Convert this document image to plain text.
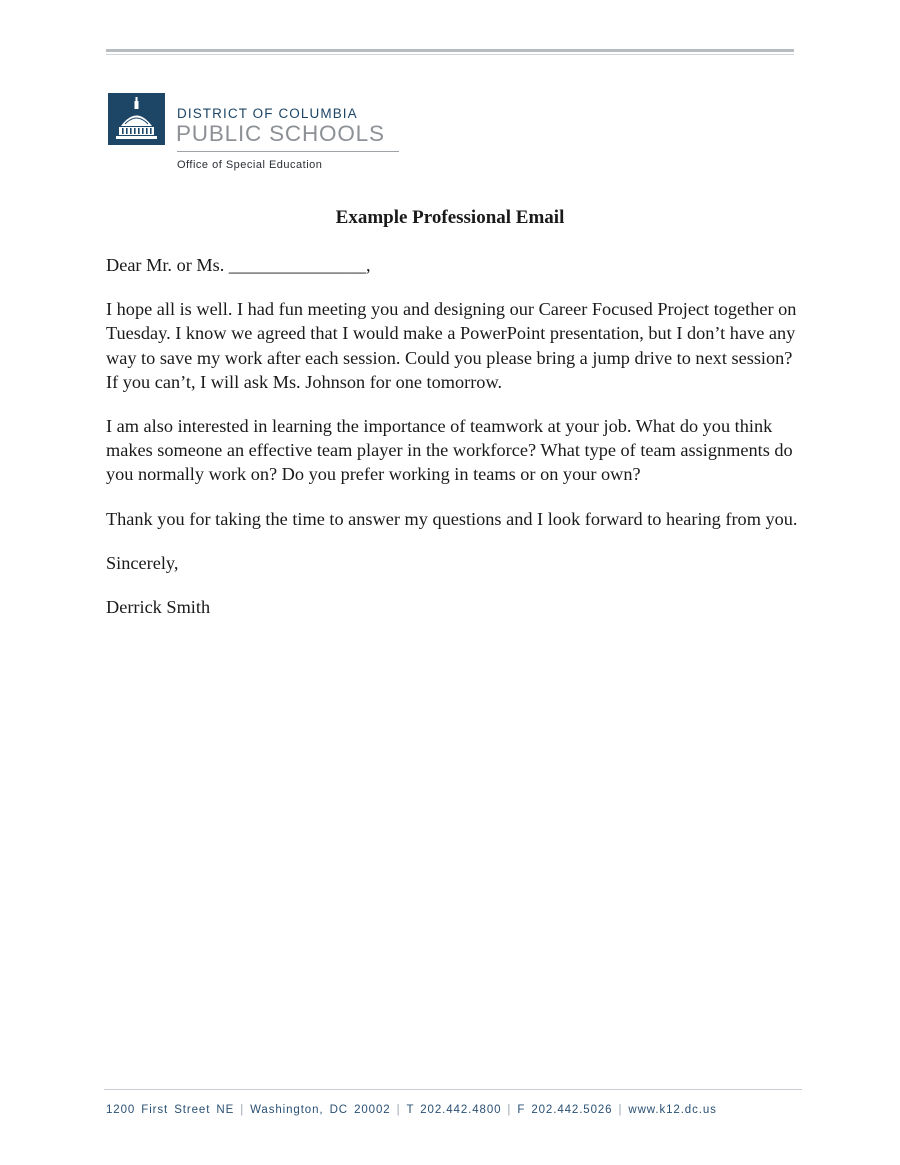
DISTRICT OF COLUMBIA
PUBLIC SCHOOLS
Office of Special Education
Example Professional Email

Dear Mr. or Ms. _______________,

I hope all is well. I had fun meeting you and designing our Career Focused Project together on Tuesday. I know we agreed that I would make a PowerPoint presentation, but I don’t have any way to save my work after each session. Could you please bring a jump drive to next session? If you can’t, I will ask Ms. Johnson for one tomorrow.

I am also interested in learning the importance of teamwork at your job. What do you think makes someone an effective team player in the workforce? What type of team assignments do you normally work on? Do you prefer working in teams or on your own?

Thank you for taking the time to answer my questions and I look forward to hearing from you.

Sincerely,

Derrick Smith

1200 First Street NE | Washington, DC 20002 | T 202.442.4800 | F 202.442.5026 | www.k12.dc.us
